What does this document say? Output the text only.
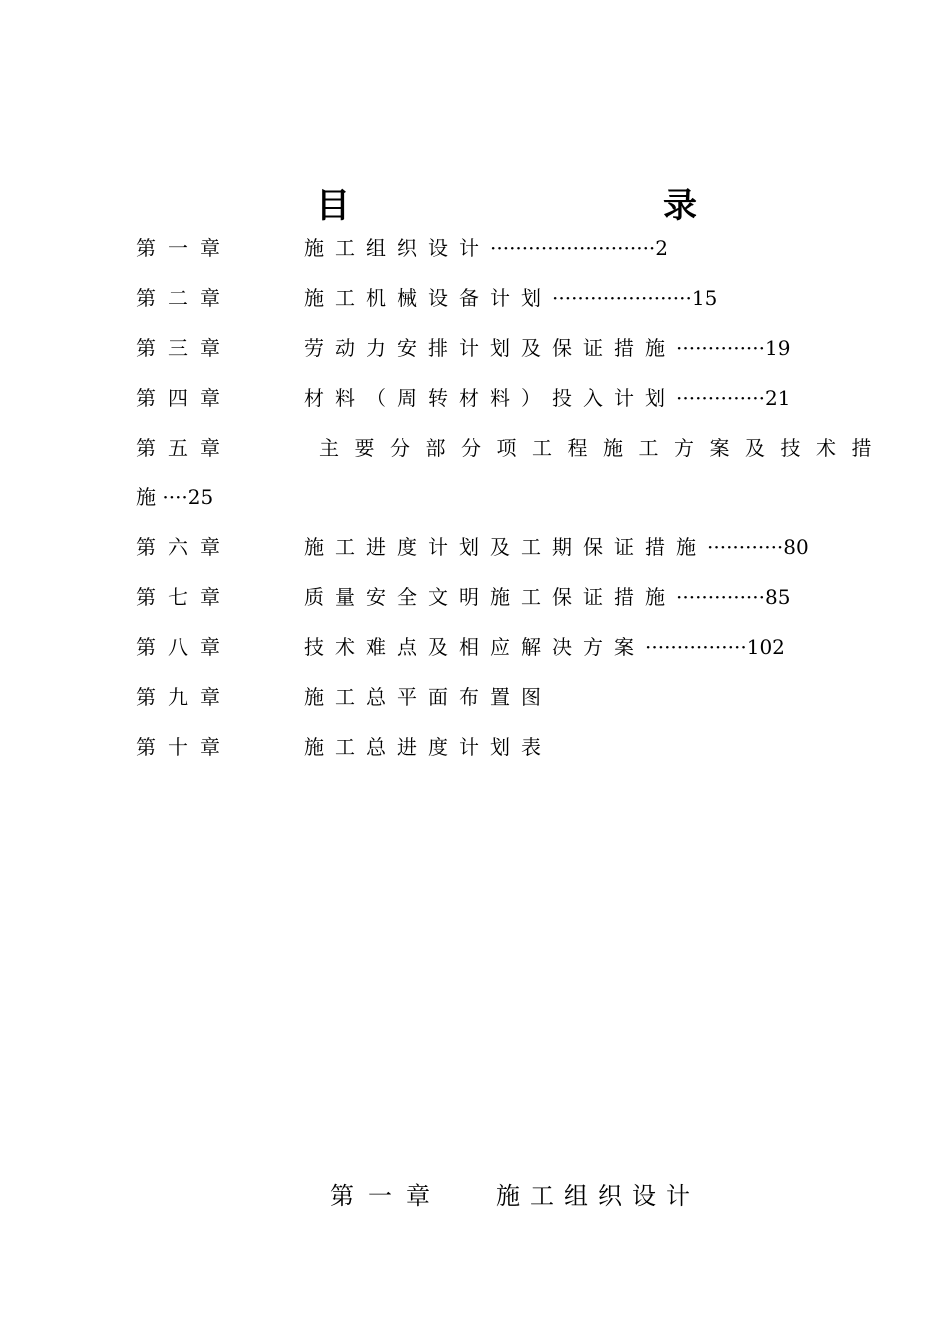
目	录
第一章	施工组织设计··························2
第二章	施工机械设备计划······················15
第三章	劳动力安排计划及保证措施··············19
第四章	材料（周转材料）投入计划··············21
第五章	主要分部分项工程施工方案及技术措
施 ····25
第六章	施工进度计划及工期保证措施············80
第七章	质量安全文明施工保证措施··············85
第八章	技术难点及相应解决方案················102
第九章	施工总平面布置图
第十章	施工总进度计划表
第一章 施工组织设计
